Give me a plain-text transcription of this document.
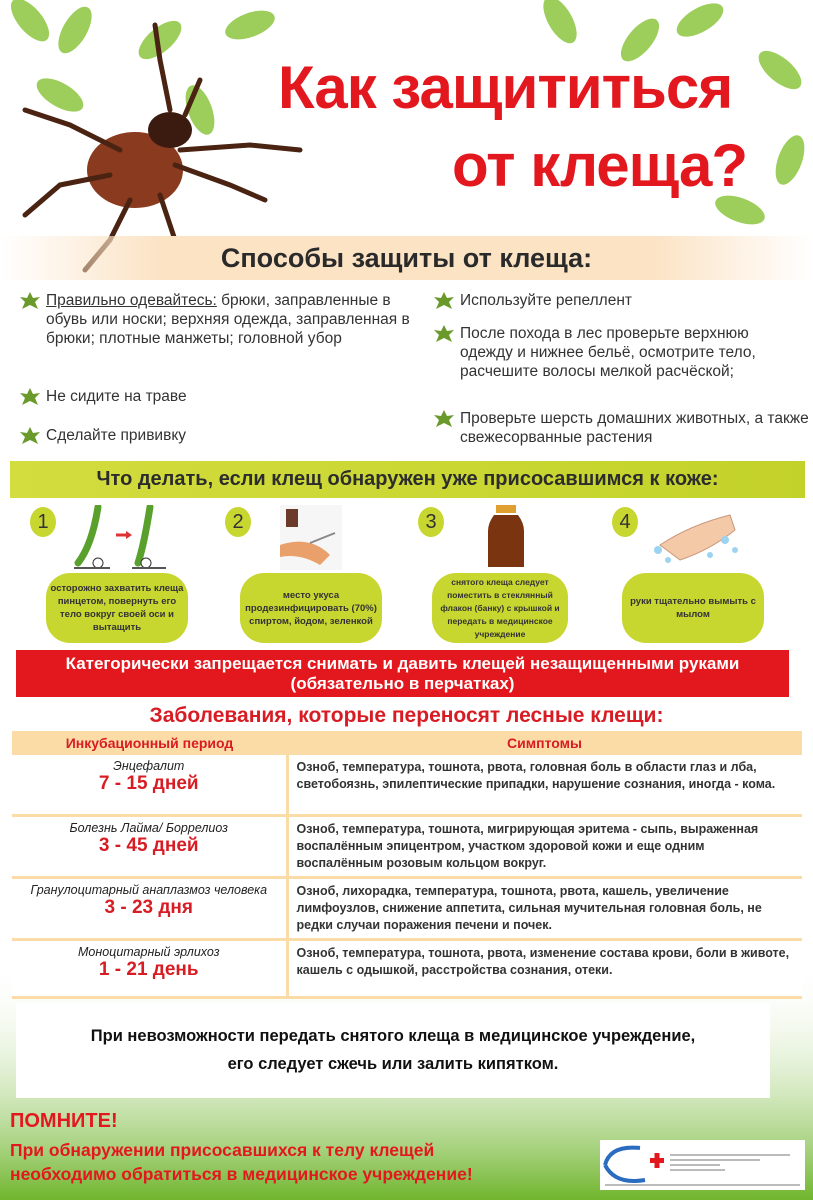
Как защититься
от клеща?
Способы защиты от клеща:
Правильно одевайтесь: брюки, заправленные в обувь или носки; верхняя одежда, заправленная в брюки; плотные манжеты; головной убор
Не сидите на траве
Сделайте прививку
Используйте репеллент
После похода в лес проверьте верхнюю одежду и нижнее бельё, осмотрите тело, расчешите волосы мелкой расчёской;
Проверьте шерсть домашних животных, а также свежесорванные растения
Что делать, если клещ обнаружен уже присосавшимся к коже:
1	2	3	4
осторожно захватить клеща пинцетом, повернуть его тело вокруг своей оси и вытащить
место укуса продезинфицировать (70%) спиртом, йодом, зеленкой
снятого клеща следует поместить в стеклянный флакон (банку) с крышкой и передать в медицинское учреждение
руки тщательно вымыть с мылом
Категорически запрещается снимать и давить клещей незащищенными руками
(обязательно в перчатках)
Заболевания, которые переносят лесные клещи:
Инкубационный период	Симптомы
Энцефалит
7 - 15 дней	Озноб, температура, тошнота, рвота, головная боль в области глаз и лба, светобоязнь, эпилептические припадки, нарушение сознания, иногда - кома.
Болезнь Лайма/ Боррелиоз
3 - 45 дней	Озноб, температура, тошнота, мигрирующая эритема - сыпь, выраженная воспалённым эпицентром, участком здоровой кожи и еще одним воспалённым розовым кольцом вокруг.
Гранулоцитарный анаплазмоз человека
3 - 23 дня	Озноб, лихорадка, температура, тошнота, рвота, кашель, увеличение лимфоузлов, снижение аппетита, сильная мучительная головная боль, не редки случаи поражения печени и почек.
Моноцитарный эрлихоз
1 - 21 день	Озноб, температура, тошнота, рвота, изменение состава крови, боли в животе, кашель с одышкой, расстройства сознания, отеки.
При невозможности передать снятого клеща в медицинское учреждение,
его следует сжечь или залить кипятком.
ПОМНИТЕ!
При обнаружении присосавшихся к телу клещей
необходимо обратиться в медицинское учреждение!
